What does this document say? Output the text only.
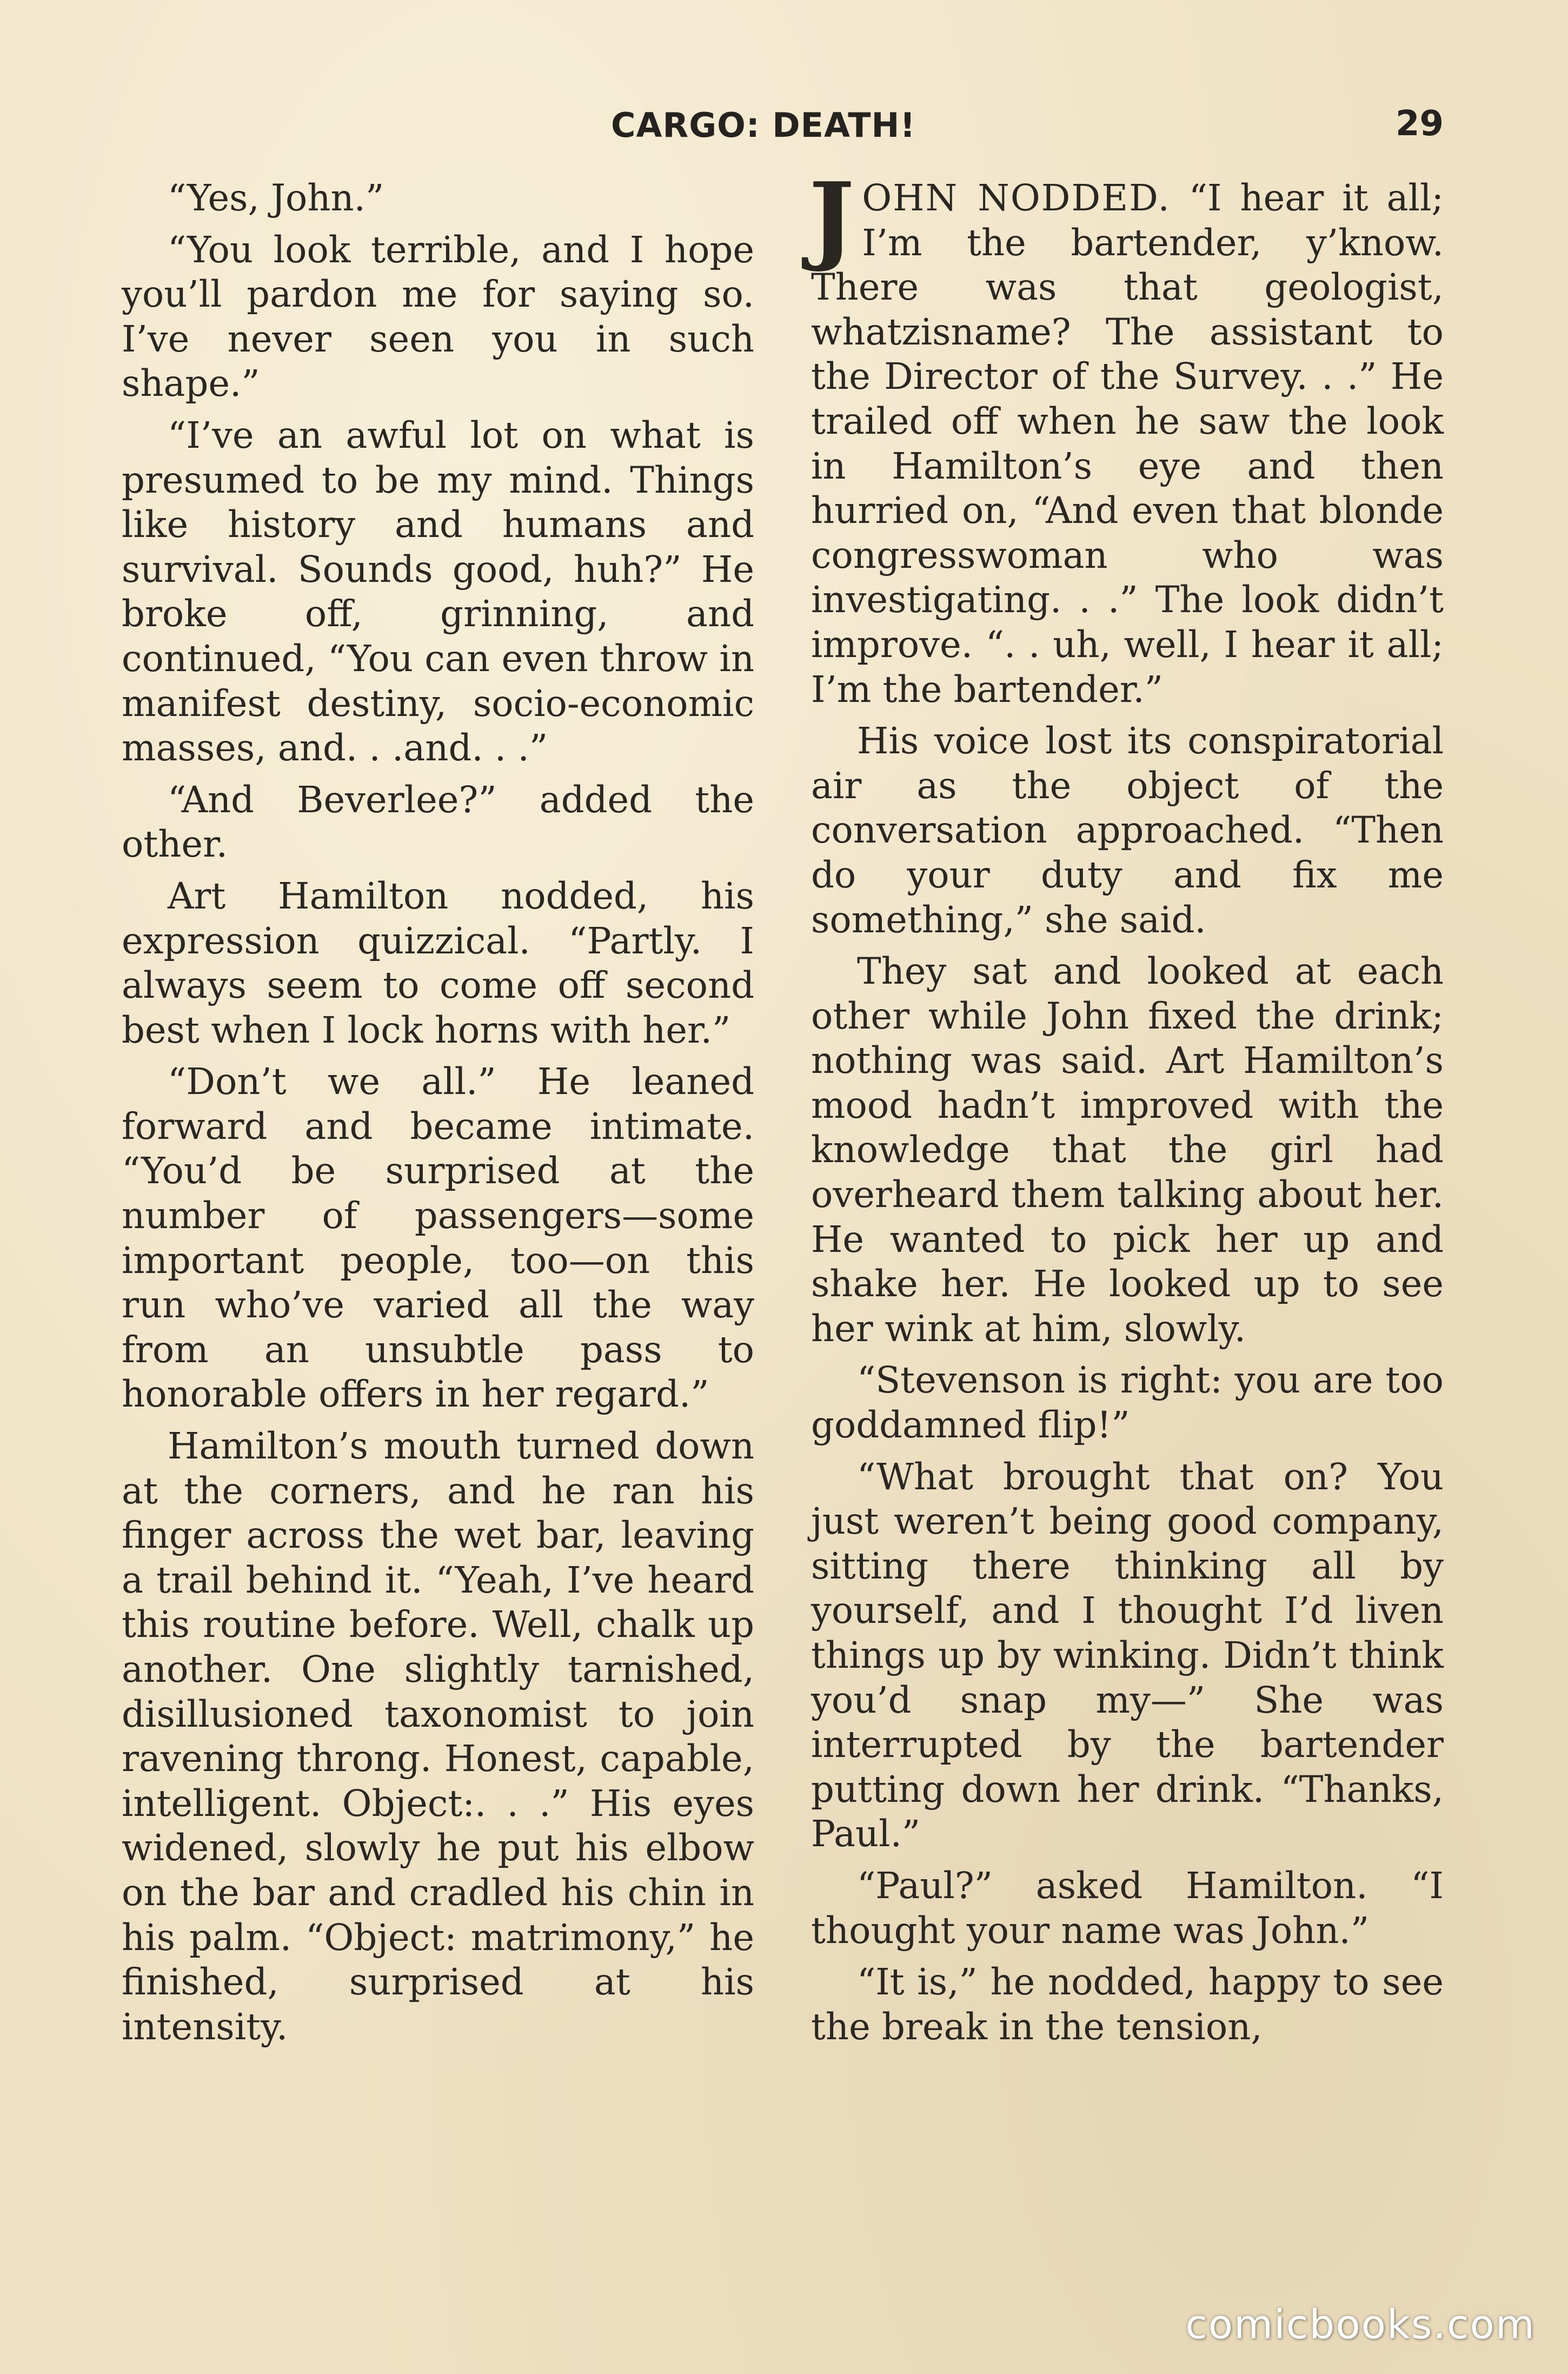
CARGO: DEATH!	29

“Yes, John.”

“You look terrible, and I hope you’ll pardon me for saying so. I’ve never seen you in such shape.”

“I’ve an awful lot on what is presumed to be my mind. Things like history and humans and survival. Sounds good, huh?” He broke off, grinning, and continued, “You can even throw in manifest destiny, socio-economic masses, and. . .and. . .”

“And Beverlee?” added the other.

Art Hamilton nodded, his expression quizzical. “Partly. I always seem to come off second best when I lock horns with her.”

“Don’t we all.” He leaned forward and became intimate. “You’d be surprised at the number of passengers—some important people, too—on this run who’ve varied all the way from an unsubtle pass to honorable offers in her regard.”

Hamilton’s mouth turned down at the corners, and he ran his finger across the wet bar, leaving a trail behind it. “Yeah, I’ve heard this routine before. Well, chalk up another. One slightly tarnished, disillusioned taxonomist to join ravening throng. Honest, capable, intelligent. Object:. . .” His eyes widened, slowly he put his elbow on the bar and cradled his chin in his palm. “Object: matrimony,” he finished, surprised at his intensity.

JOHN NODDED. “I hear it all; I’m the bartender, y’know. There was that geologist, whatzisname? The assistant to the Director of the Survey. . .” He trailed off when he saw the look in Hamilton’s eye and then hurried on, “And even that blonde congresswoman who was investigating. . .” The look didn’t improve. “. . uh, well, I hear it all; I’m the bartender.”

His voice lost its conspiratorial air as the object of the conversation approached. “Then do your duty and fix me something,” she said.

They sat and looked at each other while John fixed the drink; nothing was said. Art Hamilton’s mood hadn’t improved with the knowledge that the girl had overheard them talking about her. He wanted to pick her up and shake her. He looked up to see her wink at him, slowly.

“Stevenson is right: you are too goddamned flip!”

“What brought that on? You just weren’t being good company, sitting there thinking all by yourself, and I thought I’d liven things up by winking. Didn’t think you’d snap my—” She was interrupted by the bartender putting down her drink. “Thanks, Paul.”

“Paul?” asked Hamilton. “I thought your name was John.”

“It is,” he nodded, happy to see the break in the tension,

comicbooks.com
